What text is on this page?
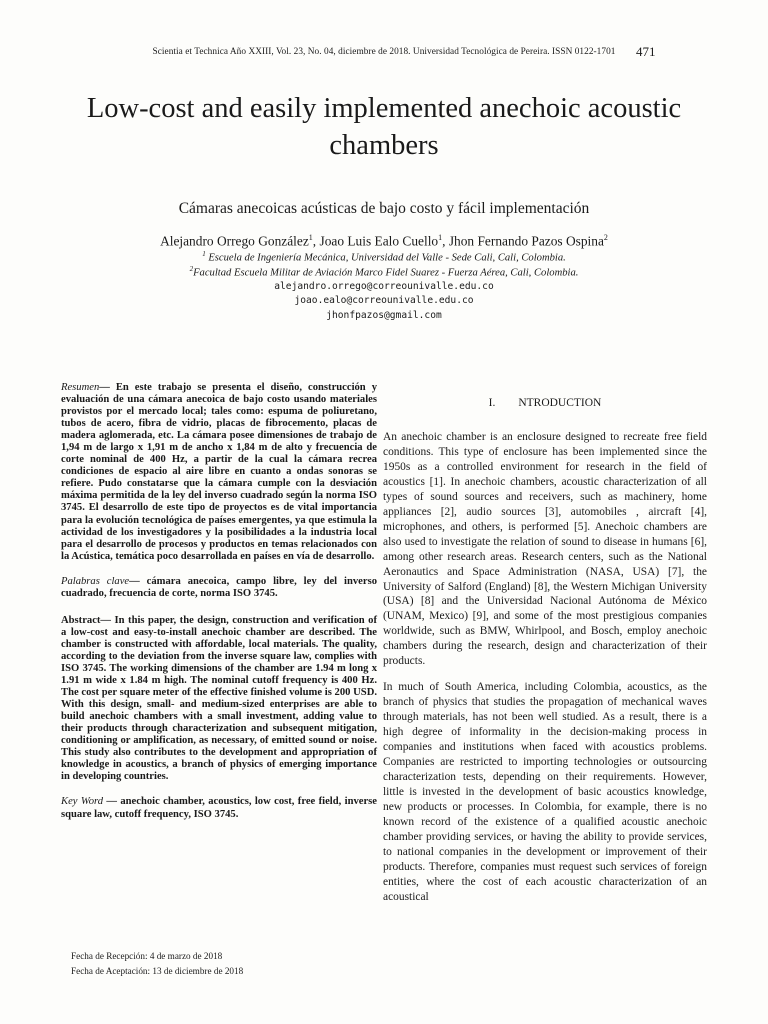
Scientia et Technica Año XXIII, Vol. 23, No. 04, diciembre de 2018. Universidad Tecnológica de Pereira. ISSN 0122-1701	471
Low-cost and easily implemented anechoic acoustic chambers
Cámaras anecoicas acústicas de bajo costo y fácil implementación
Alejandro Orrego González$^1$, Joao Luis Ealo Cuello$^1$, Jhon Fernando Pazos Ospina$^2$
$^1$ Escuela de Ingeniería Mecánica, Universidad del Valle - Sede Cali, Cali, Colombia.
$^2$Facultad Escuela Militar de Aviación Marco Fidel Suarez - Fuerza Aérea, Cali, Colombia.
alejandro.orrego@correounivalle.edu.co
joao.ealo@correounivalle.edu.co
jhonfpazos@gmail.com

Resumen— En este trabajo se presenta el diseño, construcción y evaluación de una cámara anecoica de bajo costo usando materiales provistos por el mercado local; tales como: espuma de poliuretano, tubos de acero, fibra de vidrio, placas de fibrocemento, placas de madera aglomerada, etc. La cámara posee dimensiones de trabajo de 1,94 m de largo x 1,91 m de ancho x 1,84 m de alto y frecuencia de corte nominal de 400 Hz, a partir de la cual la cámara recrea condiciones de espacio al aire libre en cuanto a ondas sonoras se refiere. Pudo constatarse que la cámara cumple con la desviación máxima permitida de la ley del inverso cuadrado según la norma ISO 3745. El desarrollo de este tipo de proyectos es de vital importancia para la evolución tecnológica de países emergentes, ya que estimula la actividad de los investigadores y la posibilidades a la industria local para el desarrollo de procesos y productos en temas relacionados con la Acústica, temática poco desarrollada en países en vía de desarrollo.

Palabras clave— cámara anecoica, campo libre, ley del inverso cuadrado, frecuencia de corte, norma ISO 3745.

Abstract— In this paper, the design, construction and verification of a low-cost and easy-to-install anechoic chamber are described. The chamber is constructed with affordable, local materials. The quality, according to the deviation from the inverse square law, complies with ISO 3745. The working dimensions of the chamber are 1.94 m long x 1.91 m wide x 1.84 m high. The nominal cutoff frequency is 400 Hz. The cost per square meter of the effective finished volume is 200 USD. With this design, small- and medium-sized enterprises are able to build anechoic chambers with a small investment, adding value to their products through characterization and subsequent mitigation, conditioning or amplification, as necessary, of emitted sound or noise. This study also contributes to the development and appropriation of knowledge in acoustics, a branch of physics of emerging importance in developing countries.

Key Word — anechoic chamber, acoustics, low cost, free field, inverse square law, cutoff frequency, ISO 3745.

I.        NTRODUCTION

An anechoic chamber is an enclosure designed to recreate free field conditions. This type of enclosure has been implemented since the 1950s as a controlled environment for research in the field of acoustics [1]. In anechoic chambers, acoustic characterization of all types of sound sources and receivers, such as machinery, home appliances [2], audio sources [3], automobiles , aircraft [4], microphones, and others, is performed [5]. Anechoic chambers are also used to investigate the relation of sound to disease in humans [6], among other research areas. Research centers, such as the National Aeronautics and Space Administration (NASA, USA) [7], the University of Salford (England) [8], the Western Michigan University (USA) [8] and the Universidad Nacional Autónoma de México (UNAM, Mexico) [9], and some of the most prestigious companies worldwide, such as BMW, Whirlpool, and Bosch, employ anechoic chambers during the research, design and characterization of their products.

In much of South America, including Colombia, acoustics, as the branch of physics that studies the propagation of mechanical waves through materials, has not been well studied. As a result, there is a high degree of informality in the decision-making process in companies and institutions when faced with acoustics problems. Companies are restricted to importing technologies or outsourcing characterization tests, depending on their requirements. However, little is invested in the development of basic acoustics knowledge, new products or processes. In Colombia, for example, there is no known record of the existence of a qualified acoustic anechoic chamber providing services, or having the ability to provide services, to national companies in the development or improvement of their products. Therefore, companies must request such services of foreign entities, where the cost of each acoustic characterization of an acoustical

Fecha de Recepción: 4 de marzo de 2018
Fecha de Aceptación: 13 de diciembre de 2018
